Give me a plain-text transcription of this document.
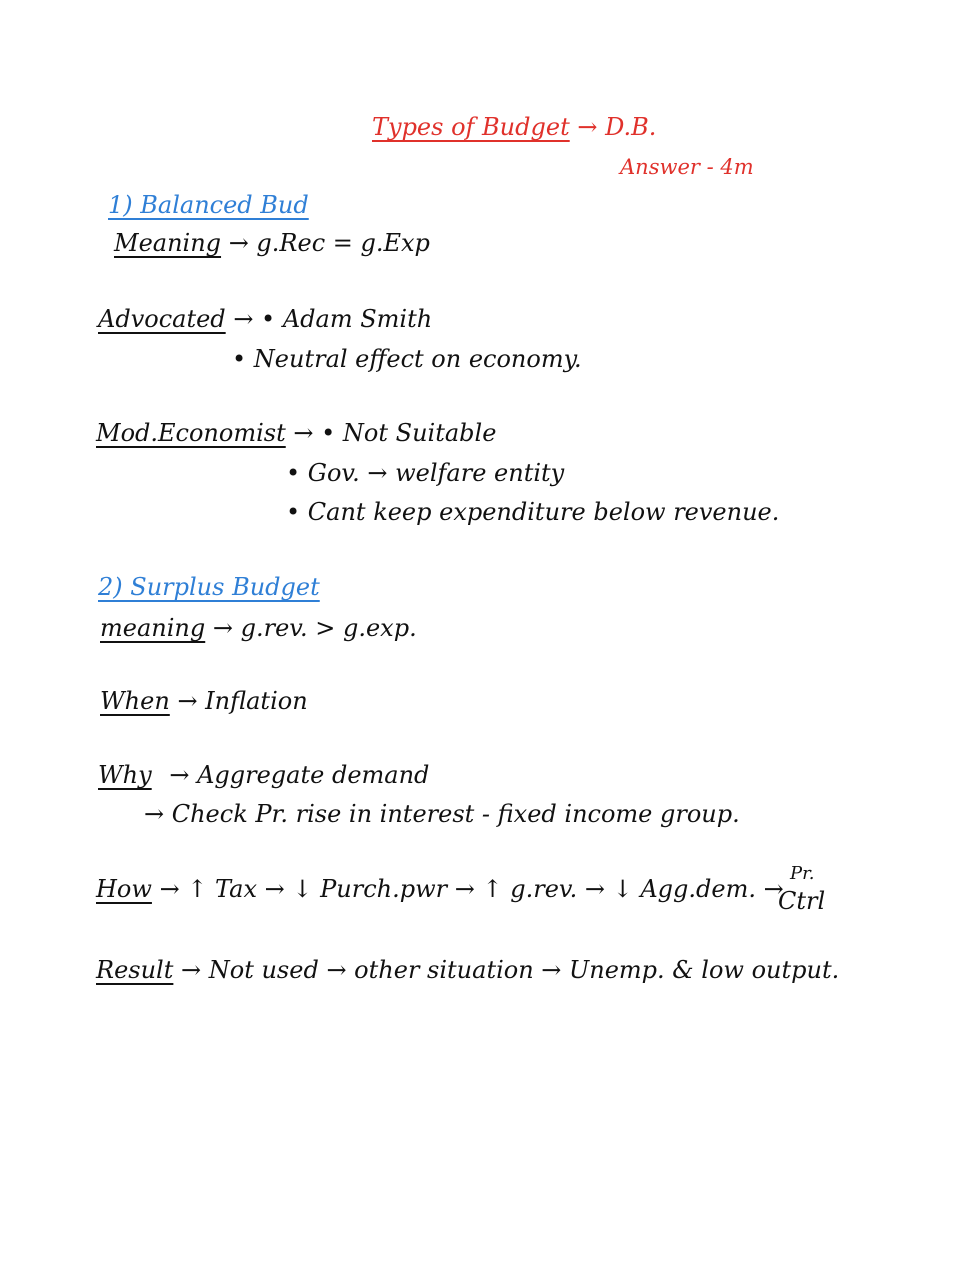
Types of Budget → D.B.
Answer - 4m
1) Balanced Bud
Meaning → g.Rec = g.Exp
Advocated → • Adam Smith
• Neutral effect on economy.
Mod.Economist → • Not Suitable
• Gov. → welfare entity
• Cant keep expenditure below revenue.
2) Surplus Budget
meaning → g.rev. > g.exp.
When → Inflation
Why → Aggregate demand
→ Check Pr. rise in interest - fixed income group.
How → ↑ Tax → ↓ Purch.pwr → ↑ g.rev. → ↓ Agg.dem. →
Pr.
Ctrl
Result → Not used → other situation → Unemp. & low output.
